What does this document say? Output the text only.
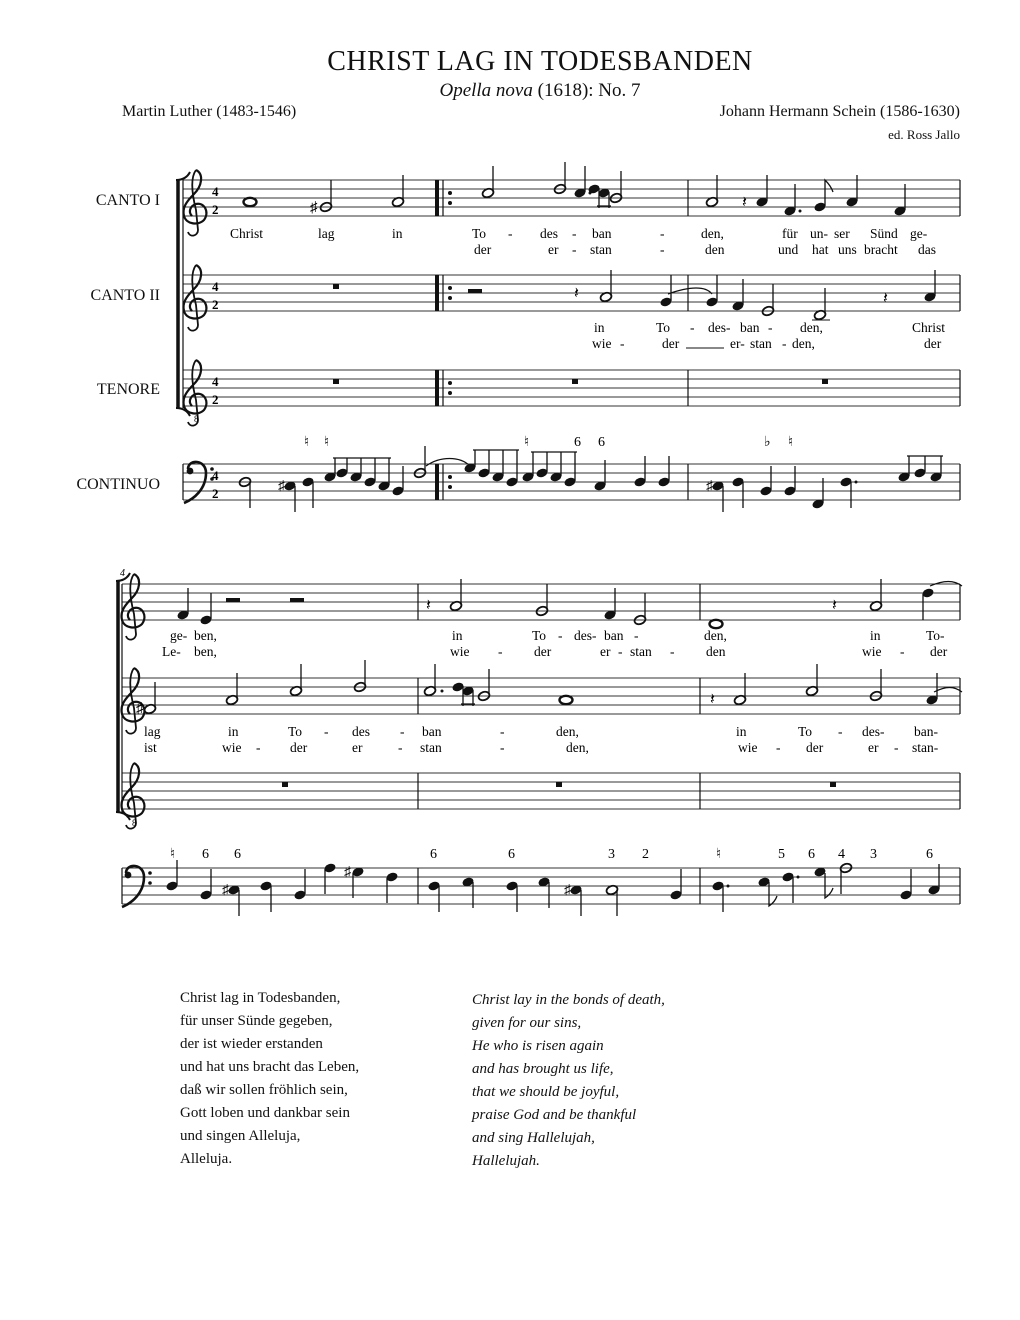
CHRIST LAG IN TODESBANDEN
Opella nova (1618): No. 7
Martin Luther (1483-1546)	Johann Hermann Schein (1586-1630)
ed. Ross Jallo
CANTO I
CANTO II
TENORE
CONTINUO
8
4
2
4
2
4
2
4
2
♯	𝄽
𝄽	𝄽
♯	♯
Christ	lag	in	To - des - ban	-	den,	für un- ser Sünd ge-
der	er - stan	-	den	und hat uns bracht das
in	To - des- ban - den,	Christ
wie -	der	er- stan - den,	der
♮ ♮	♮	6 6	♭ ♮
4
8
𝄽	𝄽
♯
𝄽
♯
♯
♯
ge- ben,	in	To - des- ban -	den,	in	To-
Le- ben,	wie - der	er - stan - den	wie - der
lag	in	To - des - ban	-	den,	in	To - des- ban-
ist	wie - der	er	- stan	-	den,	wie - der	er - stan-
♮ 6 6	6	6	3 2	♮	5 6 4 3	6
Christ lag in Todesbanden,
für unser Sünde gegeben,
der ist wieder erstanden
und hat uns bracht das Leben,
daß wir sollen fröhlich sein,
Gott loben und dankbar sein
und singen Alleluja,
Alleluja.
Christ lay in the bonds of death,
given for our sins,
He who is risen again
and has brought us life,
that we should be joyful,
praise God and be thankful
and sing Hallelujah,
Hallelujah.
